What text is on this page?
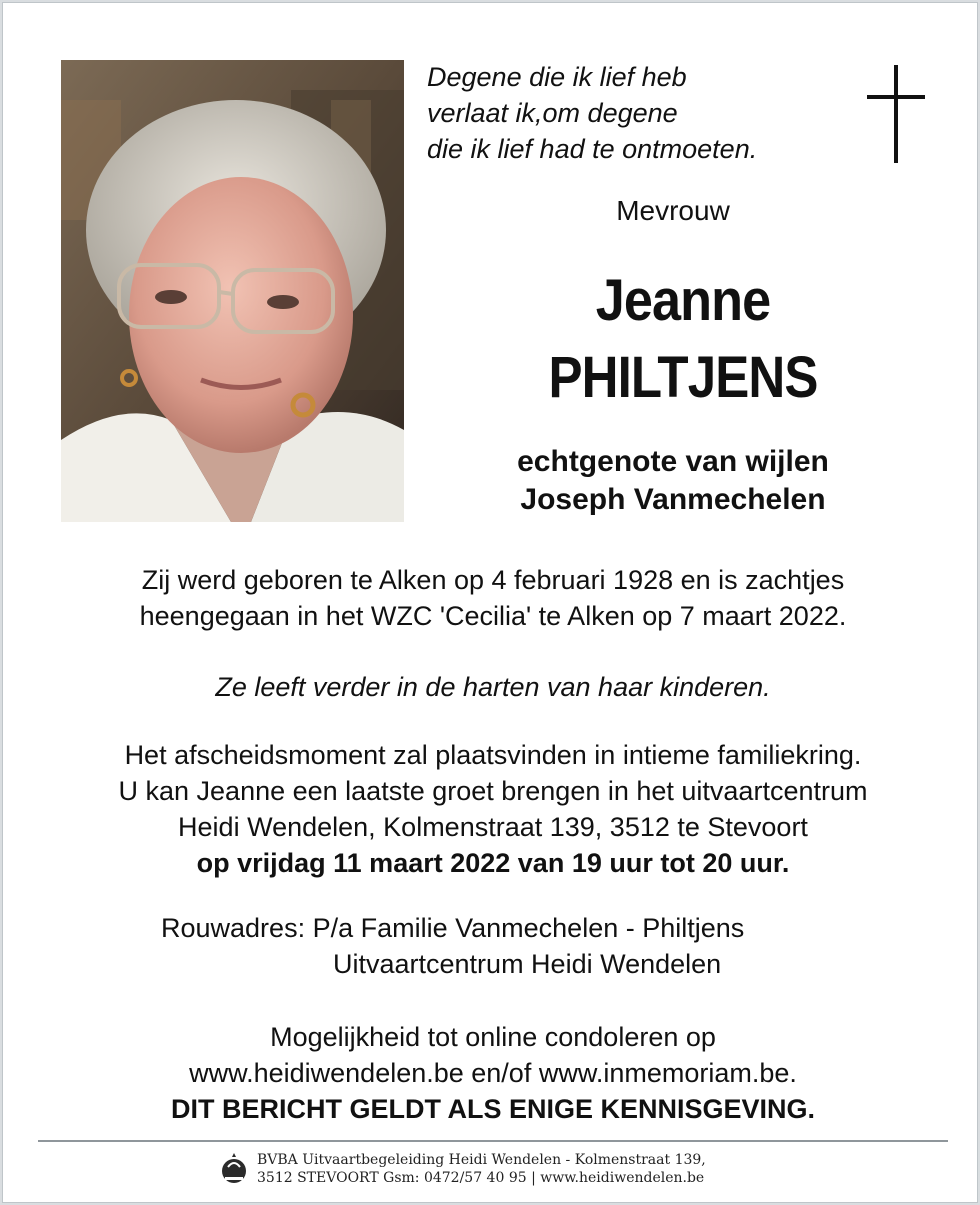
Degene die ik lief heb
verlaat ik,om degene
die ik lief had te ontmoeten.
Mevrouw
Jeanne
PHILTJENS
echtgenote van wijlen
Joseph Vanmechelen
Zij werd geboren te Alken op 4 februari 1928 en is zachtjes
heengegaan in het WZC 'Cecilia' te Alken op 7 maart 2022.
Ze leeft verder in de harten van haar kinderen.
Het afscheidsmoment zal plaatsvinden in intieme familiekring.
U kan Jeanne een laatste groet brengen in het uitvaartcentrum
Heidi Wendelen, Kolmenstraat 139, 3512 te Stevoort
op vrijdag 11 maart 2022 van 19 uur tot 20 uur.
Rouwadres: P/a Familie Vanmechelen - Philtjens
Uitvaartcentrum Heidi Wendelen
Mogelijkheid tot online condoleren op
www.heidiwendelen.be en/of www.inmemoriam.be.
DIT BERICHT GELDT ALS ENIGE KENNISGEVING.
BVBA Uitvaartbegeleiding Heidi Wendelen - Kolmenstraat 139,
3512 STEVOORT Gsm: 0472/57 40 95 | www.heidiwendelen.be
